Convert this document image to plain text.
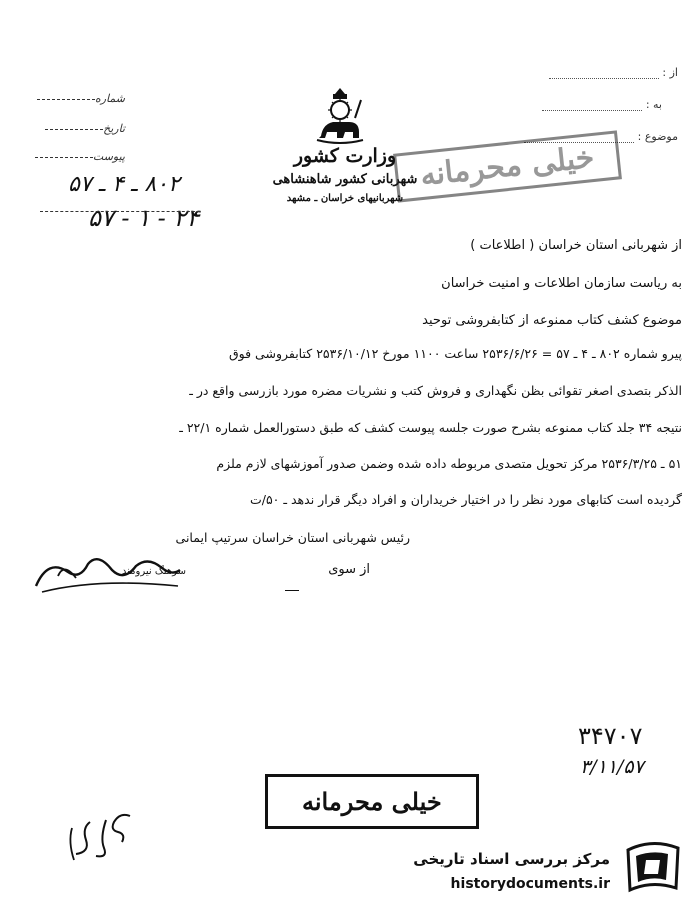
از :
به :
موضوع :
شماره
تاریخ
پیوست
۸۰۲ ـ ۴ ـ ۵۷
۲۴ - ۱ - ۵۷
وزارت کشور
شهربانی کشور شاهنشاهی
شهربانیهای خراسان ـ مشهد
خیلی محرمانه
از شهربانی استان خراسان ( اطلاعات )
به ریاست سازمان اطلاعات و امنیت خراسان
موضوع کشف کتاب ممنوعه از کتابفروشی توحید
پیرو شماره ۸۰۲ ـ ۴ ـ ۵۷ = ۲۵۳۶/۶/۲۶ ساعت ۱۱۰۰ مورخ ۲۵۳۶/۱۰/۱۲ کتابفروشی فوق
الذکر بتصدی اصغر تقوائی بظن نگهداری و فروش کتب و نشریات مضره مورد بازرسی واقع در ـ
نتیجه ۳۴ جلد کتاب ممنوعه بشرح صورت جلسه پیوست کشف که طبق دستورالعمل شماره ۲۲/۱ ـ
۵۱ ـ ۲۵۳۶/۳/۲۵ مرکز تحویل متصدی مربوطه داده شده وضمن صدور آموزشهای لازم ملزم
گردیده است کتابهای مورد نظر را در اختیار خریداران و افراد دیگر قرار ندهد ـ ۵۰/ت
رئیس شهربانی استان خراسان سرتیپ ایمانی
از سوی
سرهنگ نیرومند
۳۴۷۰۷
۳/۱۱/۵۷
خیلی محرمانه
مرکز بررسی اسناد تاریخی
historydocuments.ir
